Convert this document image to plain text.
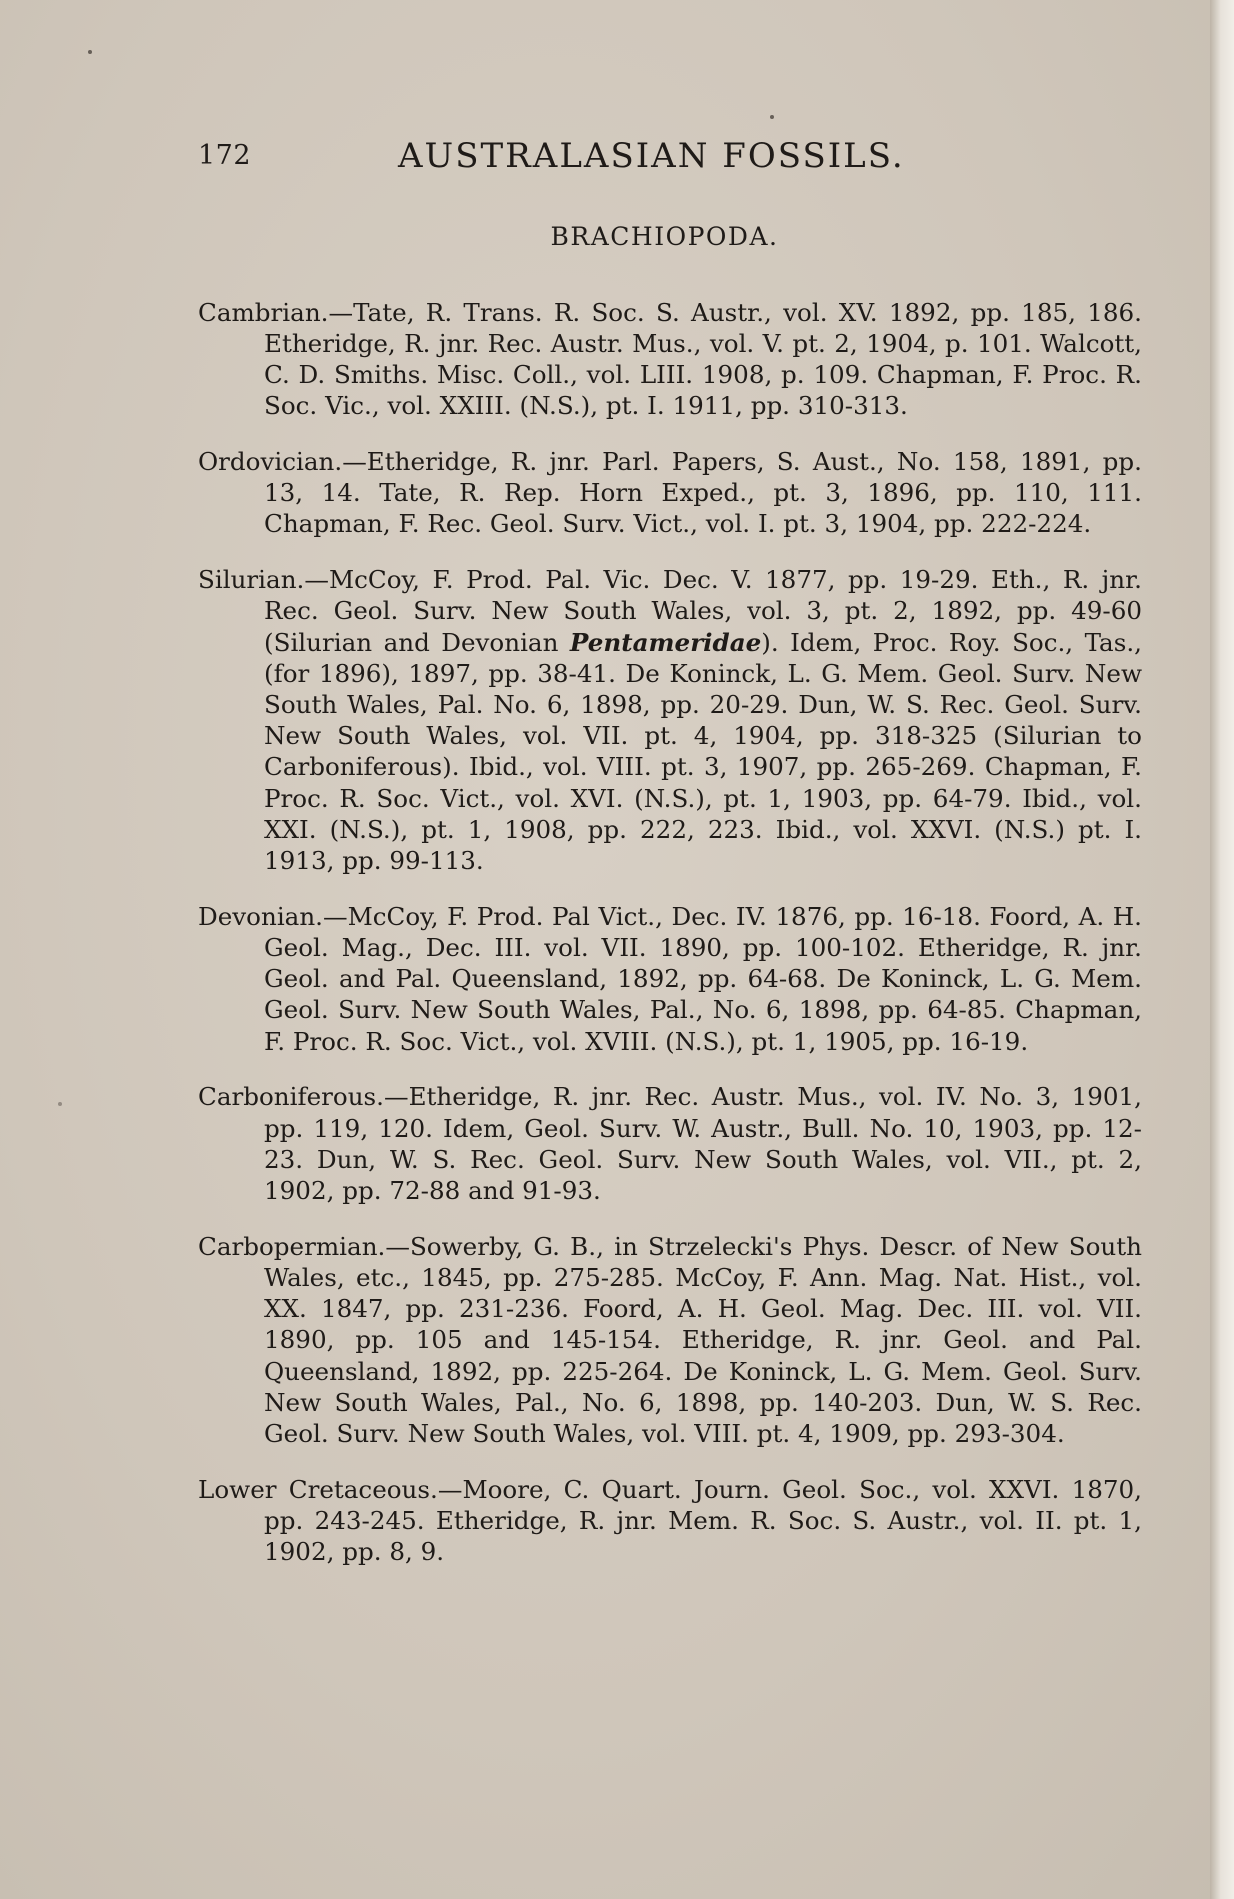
172	AUSTRALASIAN FOSSILS.
BRACHIOPODA.

Cambrian.—Tate, R. Trans. R. Soc. S. Austr., vol. XV. 1892, pp. 185, 186. Etheridge, R. jnr. Rec. Austr. Mus., vol. V. pt. 2, 1904, p. 101. Walcott, C. D. Smiths. Misc. Coll., vol. LIII. 1908, p. 109. Chapman, F. Proc. R. Soc. Vic., vol. XXIII. (N.S.), pt. I. 1911, pp. 310-313.

Ordovician.—Etheridge, R. jnr. Parl. Papers, S. Aust., No. 158, 1891, pp. 13, 14. Tate, R. Rep. Horn Exped., pt. 3, 1896, pp. 110, 111. Chapman, F. Rec. Geol. Surv. Vict., vol. I. pt. 3, 1904, pp. 222-224.

Silurian.—McCoy, F. Prod. Pal. Vic. Dec. V. 1877, pp. 19-29. Eth., R. jnr. Rec. Geol. Surv. New South Wales, vol. 3, pt. 2, 1892, pp. 49-60 (Silurian and Devonian Pentameridae). Idem, Proc. Roy. Soc., Tas., (for 1896), 1897, pp. 38-41. De Koninck, L. G. Mem. Geol. Surv. New South Wales, Pal. No. 6, 1898, pp. 20-29. Dun, W. S. Rec. Geol. Surv. New South Wales, vol. VII. pt. 4, 1904, pp. 318-325 (Silurian to Carboniferous). Ibid., vol. VIII. pt. 3, 1907, pp. 265-269. Chapman, F. Proc. R. Soc. Vict., vol. XVI. (N.S.), pt. 1, 1903, pp. 64-79. Ibid., vol. XXI. (N.S.), pt. 1, 1908, pp. 222, 223. Ibid., vol. XXVI. (N.S.) pt. I. 1913, pp. 99-113.

Devonian.—McCoy, F. Prod. Pal Vict., Dec. IV. 1876, pp. 16-18. Foord, A. H. Geol. Mag., Dec. III. vol. VII. 1890, pp. 100-102. Etheridge, R. jnr. Geol. and Pal. Queensland, 1892, pp. 64-68. De Koninck, L. G. Mem. Geol. Surv. New South Wales, Pal., No. 6, 1898, pp. 64-85. Chapman, F. Proc. R. Soc. Vict., vol. XVIII. (N.S.), pt. 1, 1905, pp. 16-19.

Carboniferous.—Etheridge, R. jnr. Rec. Austr. Mus., vol. IV. No. 3, 1901, pp. 119, 120. Idem, Geol. Surv. W. Austr., Bull. No. 10, 1903, pp. 12-23. Dun, W. S. Rec. Geol. Surv. New South Wales, vol. VII., pt. 2, 1902, pp. 72-88 and 91-93.

Carbopermian.—Sowerby, G. B., in Strzelecki's Phys. Descr. of New South Wales, etc., 1845, pp. 275-285. McCoy, F. Ann. Mag. Nat. Hist., vol. XX. 1847, pp. 231-236. Foord, A. H. Geol. Mag. Dec. III. vol. VII. 1890, pp. 105 and 145-154. Etheridge, R. jnr. Geol. and Pal. Queensland, 1892, pp. 225-264. De Koninck, L. G. Mem. Geol. Surv. New South Wales, Pal., No. 6, 1898, pp. 140-203. Dun, W. S. Rec. Geol. Surv. New South Wales, vol. VIII. pt. 4, 1909, pp. 293-304.

Lower Cretaceous.—Moore, C. Quart. Journ. Geol. Soc., vol. XXVI. 1870, pp. 243-245. Etheridge, R. jnr. Mem. R. Soc. S. Austr., vol. II. pt. 1, 1902, pp. 8, 9.
